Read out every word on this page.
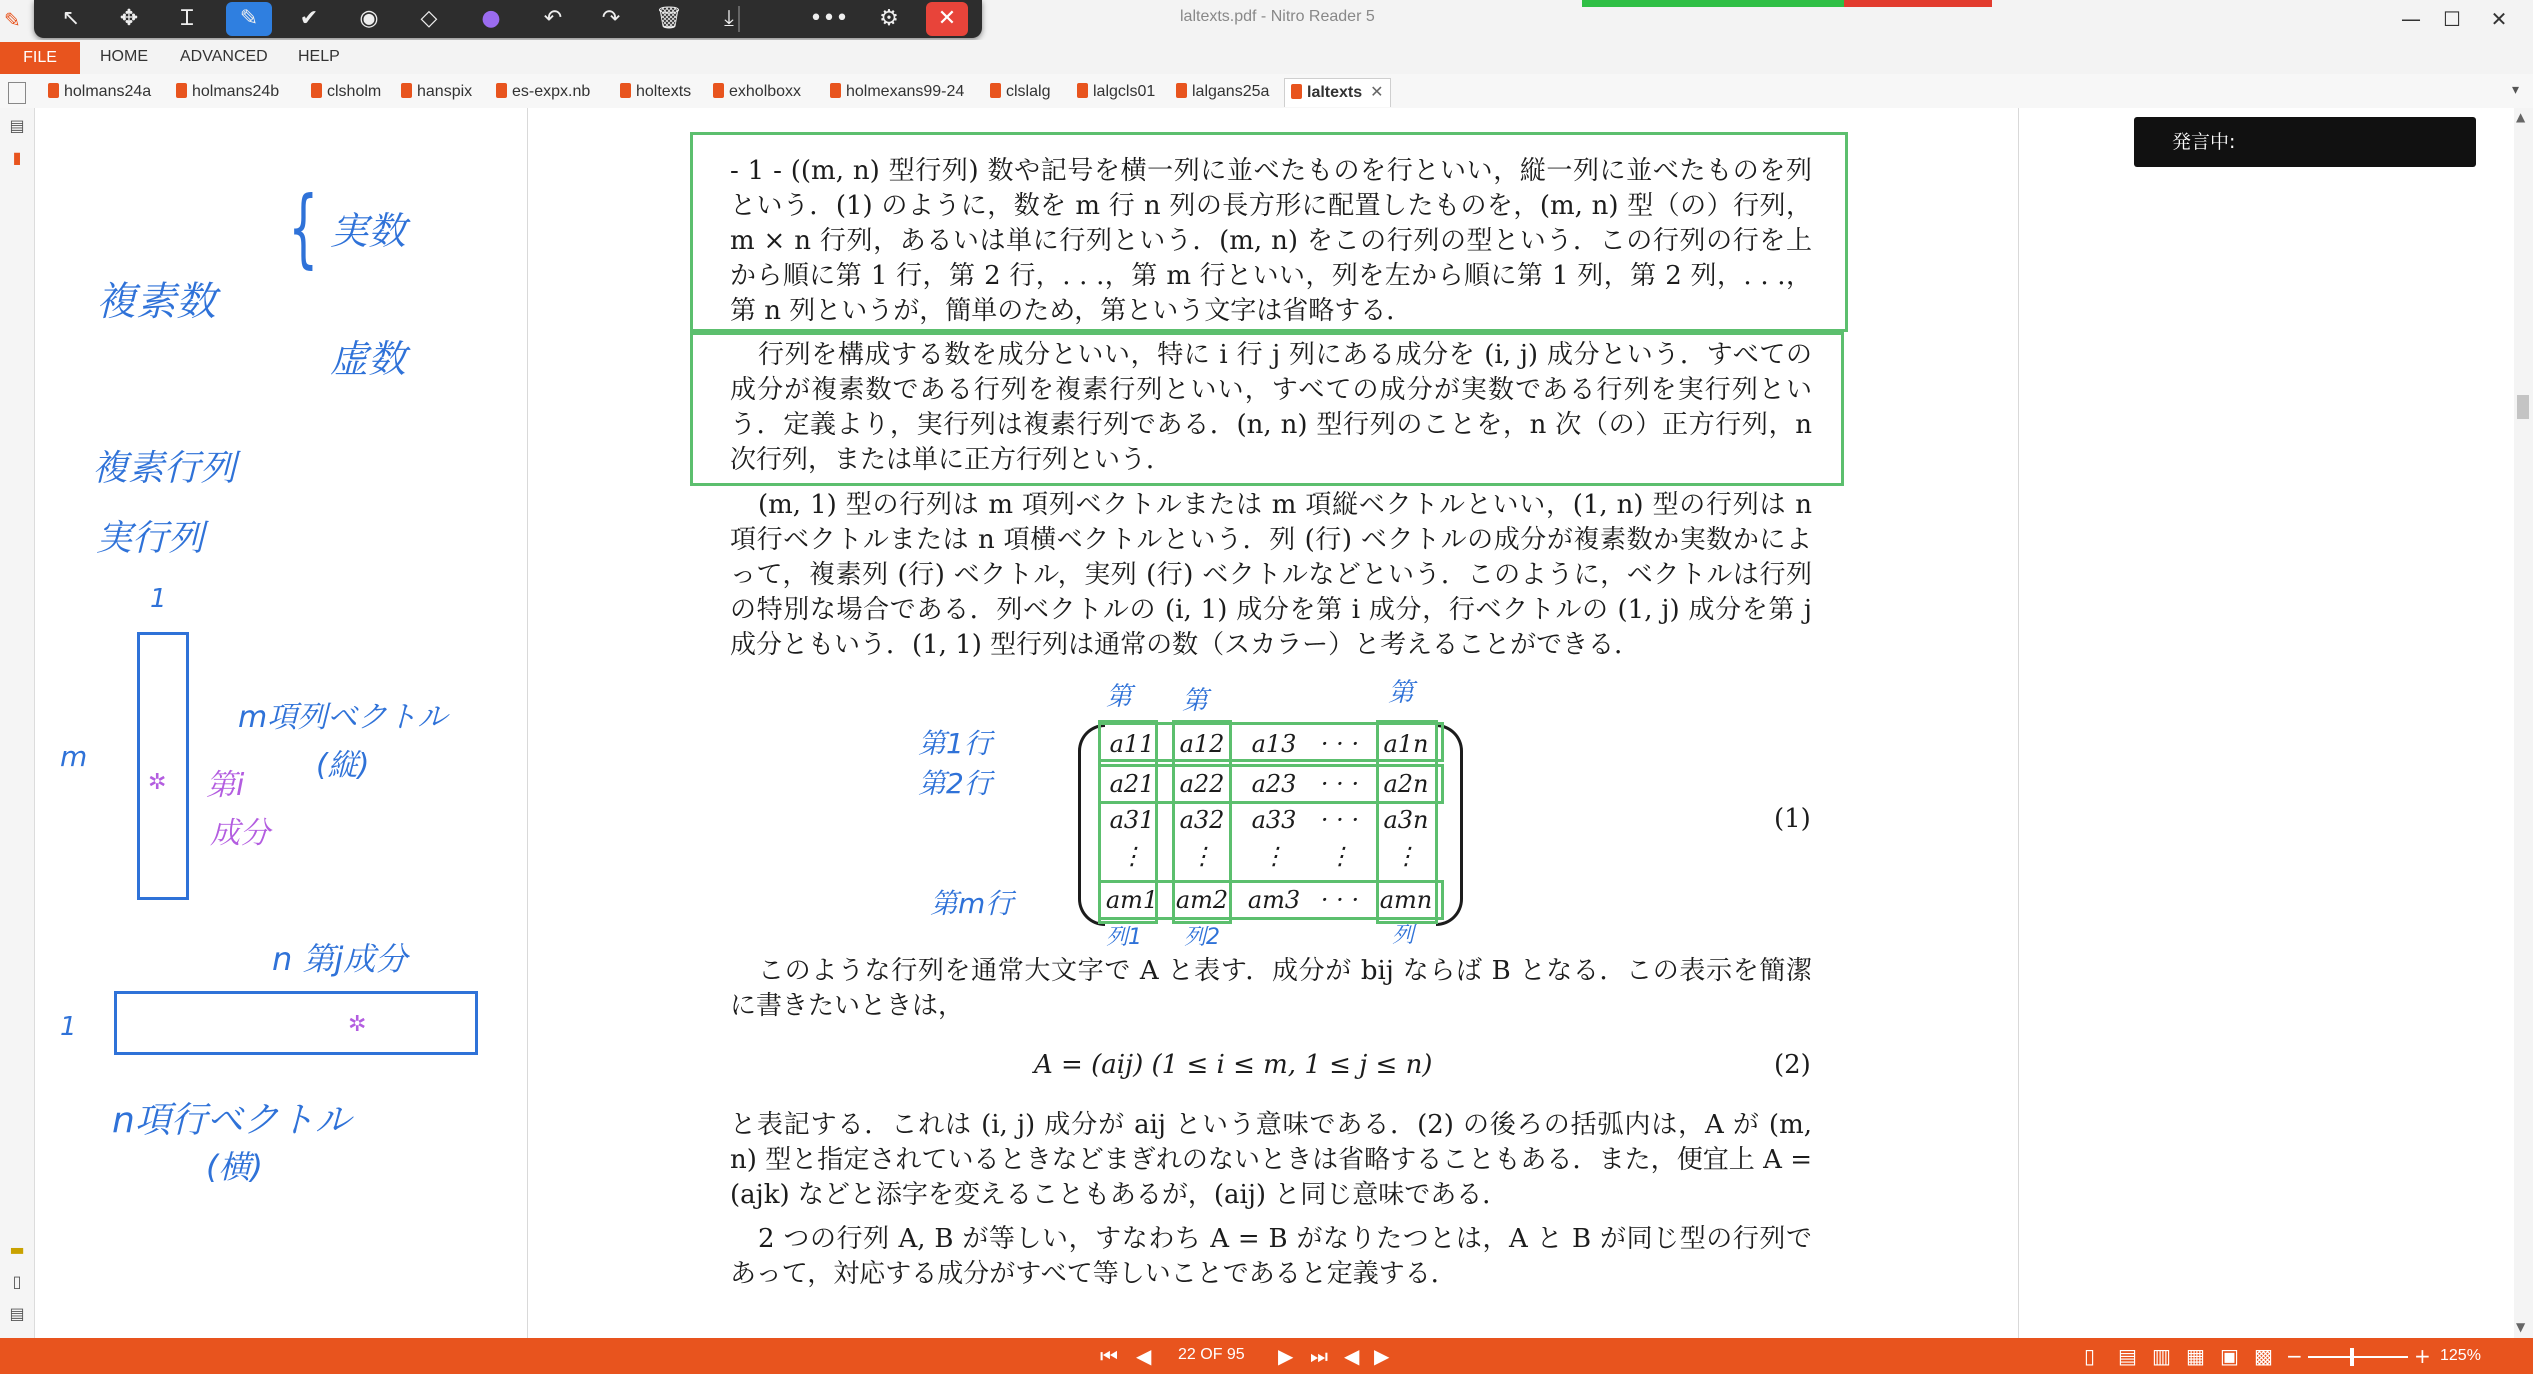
✎	laltexts.pdf - Nitro Reader 5	—	☐	✕
↖	✥	Ɪ	✎	✔	◉	◇	●	↶	↷	🗑	⤓	•••	⚙	✕
FILE	HOME ADVANCED HELP
holmans24a	holmans24b	clsholm	hanspix	es-expx.nb	holtexts	exholboxx	holmexans99-24	clslalg	lalgcls01	lalgans25a	laltexts ✕	▾
▤
▮
▬
▯
▤
複素数
{ 実数
虚数
複素行列
実行列
1
m
✲
m項列ベクトル
(縦)
第i
成分
n 第j成分
1	✲
n項行ベクトル
(横)
- 1 - ((m, n) 型行列) 数や記号を横一列に並べたものを行といい，縦一列に並べたものを列という．(1) のように，数を m 行 n 列の長方形に配置したものを，(m, n) 型（の）行列，m × n 行列，あるいは単に行列という．(m, n) をこの行列の型という．この行列の行を上から順に第 1 行，第 2 行，. . .，第 m 行といい，列を左から順に第 1 列，第 2 列，. . .，第 n 列というが，簡単のため，第という文字は省略する．
行列を構成する数を成分といい，特に i 行 j 列にある成分を (i, j) 成分という．すべての成分が複素数である行列を複素行列といい，すべての成分が実数である行列を実行列という．定義より，実行列は複素行列である．(n, n) 型行列のことを，n 次（の）正方行列，n 次行列，または単に正方行列という．
(m, 1) 型の行列は m 項列ベクトルまたは m 項縦ベクトルといい，(1, n) 型の行列は n 項行ベクトルまたは n 項横ベクトルという．列 (行) ベクトルの成分が複素数か実数かによって，複素列 (行) ベクトル，実列 (行) ベクトルなどという．このように，ベクトルは行列の特別な場合である．列ベクトルの (i, 1) 成分を第 i 成分，行ベクトルの (1, j) 成分を第 j 成分ともいう．(1, 1) 型行列は通常の数（スカラー）と考えることができる．
a11	a12	a13	· · ·	a1n
a21	a22	a23	· · ·	a2n
a31	a32	a33	· · ·	a3n
⋮	⋮	⋮	⋮	⋮
am1 am2 am3 · · · amn
(1)
第1行
第2行
第m行
第 第	第
列1 列2	列
このような行列を通常大文字で A と表す．成分が bij ならば B となる．この表示を簡潔に書きたいときは，
A = (aij) (1 ≤ i ≤ m, 1 ≤ j ≤ n)	(2)
と表記する．これは (i, j) 成分が aij という意味である．(2) の後ろの括弧内は，A が (m, n) 型と指定されているときなどまぎれのないときは省略することもある．また，便宜上 A = (ajk) などと添字を変えることもあるが，(aij) と同じ意味である．
2 つの行列 A, B が等しい，すなわち A = B がなりたつとは，A と B が同じ型の行列であって，対応する成分がすべて等しいことであると定義する．
発言中:
▲
▼
⏮ ◀ 22 OF 95 ▶ ⏭ ◀ ▶	▯ ▤ ▥ ▦ ▣ ▩ −	+ 125%
